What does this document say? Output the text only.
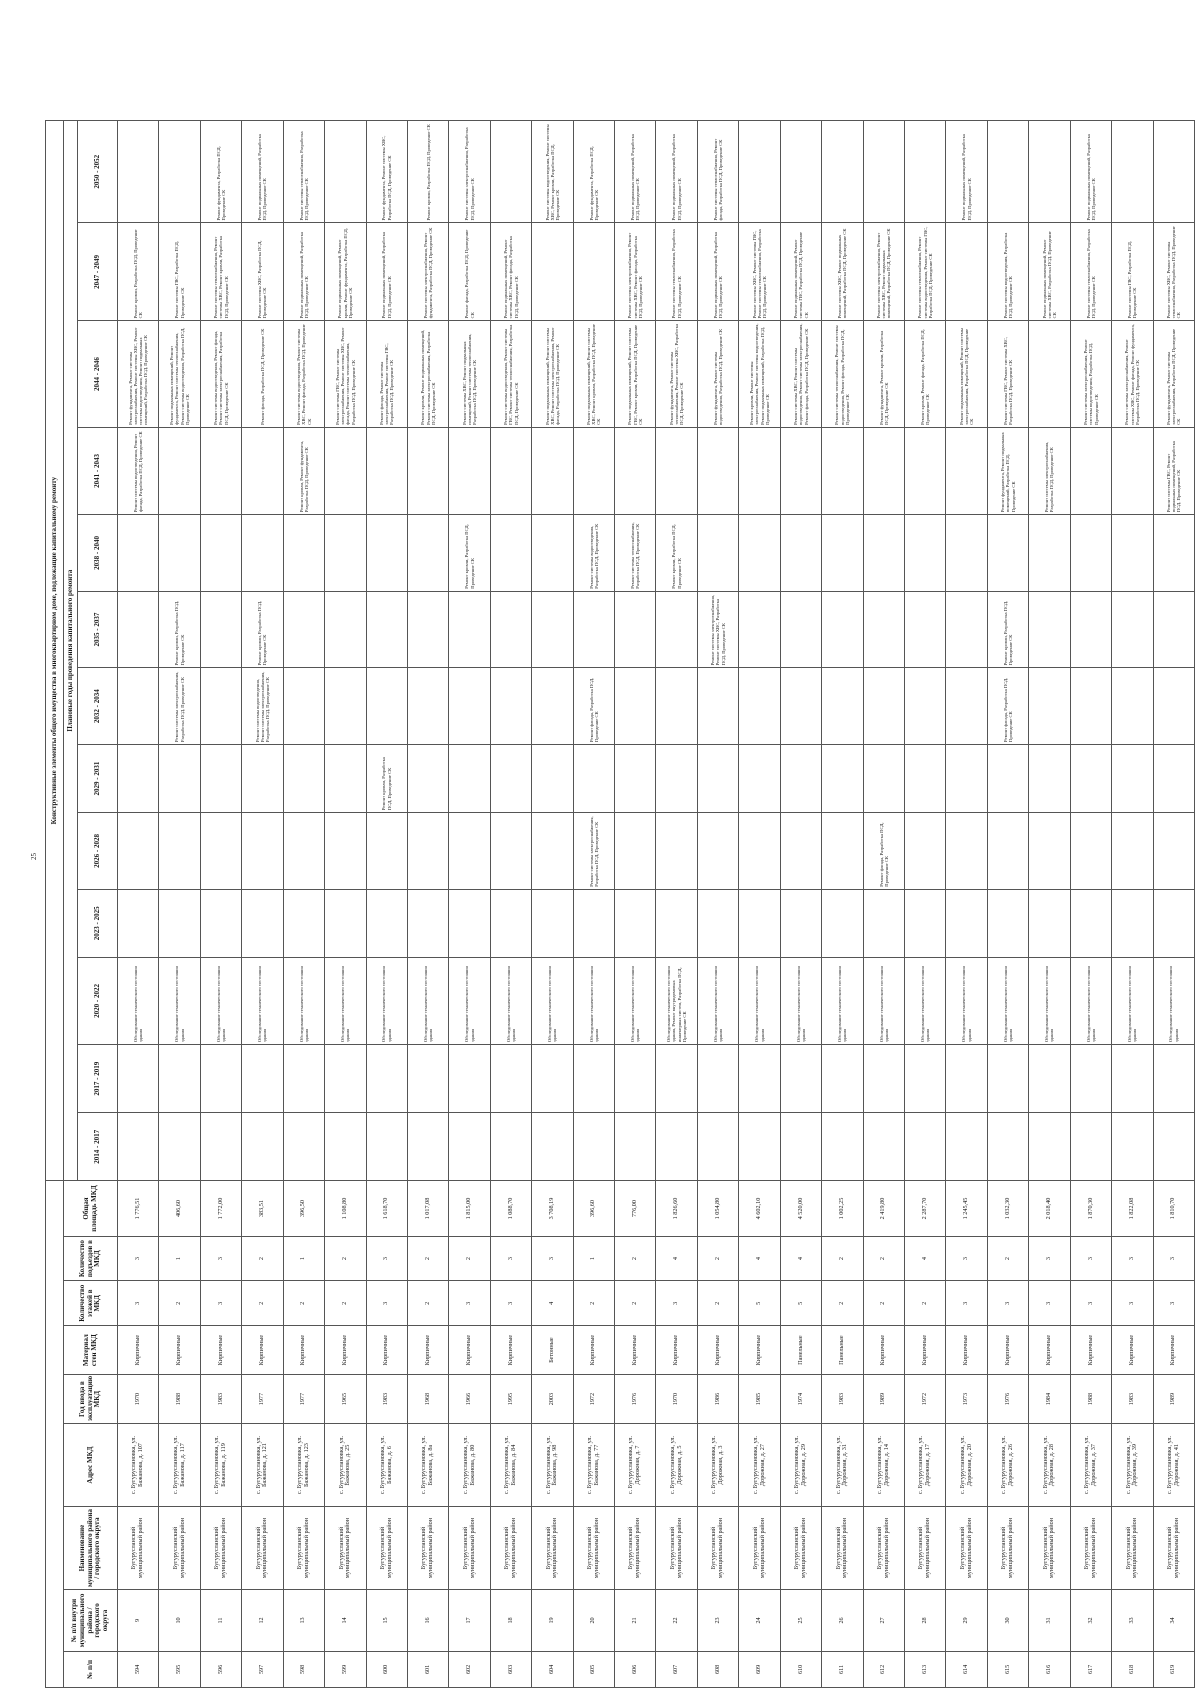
25
									Конструктивные элементы общего имущества в многоквартирном доме, подлежащие капитальному ремонту												
№ п/п	№ п/п внутри муниципального района / городского округа	Наименование муниципального района / городского округа	Адрес МКД	Год ввода в эксплуатацию МКД	Материал стен МКД	Количество этажей в МКД	Количество подъездов в МКД	Общая площадь МКД	Плановые годы проведения капитального ремонта												
									2014 - 2017	2017 - 2019	2020 - 2022	2023 - 2025	2026 - 2028	2029 - 2031	2032 - 2034	2035 - 2037	2038 - 2040	2041 - 2043	2044 - 2046	2047 - 2049	2050 - 2052
594	9	Бугурусланский муниципальный район	с. Бугуруслановка, ул. Бажанова, д. 107	1970	Кирпичные	3	3	1 776,51			Обследование технического состояния здания							Ремонт системы водоотведения, Ремонт фасада, Разработка ПСД, Проведение СК	Ремонт фундамента, Ремонт системы электроснабжения, Ремонт системы ХВС, Ремонт системы водоотведения, Ремонт подвальных помещений, Разработка ПСД, Проведение СК	Ремонт кровли, Разработка ПСД, Проведение СК	
595	10	Бугурусланский муниципальный район	с. Бугуруслановка, ул. Бажанова, д. 117	1988	Кирпичные	2	1	406,60			Обследование технического состояния здания				Ремонт системы электроснабжения, Разработка ПСД, Проведение СК	Ремонт кровли, Разработка ПСД, Проведение СК			Ремонт подвальных помещений, Ремонт фундамента, Ремонт системы теплоснабжения, Ремонт системы водоотведения, Разработка ПСД, Проведение СК	Ремонт системы ГВС, Разработка ПСД, Проведение СК	
596	11	Бугурусланский муниципальный район	с. Бугуруслановка, ул. Бажанова, д. 119	1983	Кирпичные	3	3	1 772,00			Обследование технического состояния здания								Ремонт системы водоотведения, Ремонт фасада, Ремонт системы электроснабжения, Разработка ПСД, Проведение СК	Ремонт системы теплоснабжения, Ремонт системы ХВС, Ремонт кровли, Разработка ПСД, Проведение СК	Ремонт фундамента, Разработка ПСД, Проведение СК
597	12	Бугурусланский муниципальный район	с. Бугуруслановка, ул. Бажанова, д. 121	1977	Кирпичные	2	2	383,51			Обследование технического состояния здания				Ремонт системы водоотведения, Ремонт системы электроснабжения, Разработка ПСД, Проведение СК	Ремонт кровли, Разработка ПСД, Проведение СК			Ремонт фасада, Разработка ПСД, Проведение СК	Ремонт системы ХВС, Разработка ПСД, Проведение СК	Ремонт подвальных помещений, Разработка ПСД, Проведение СК
598	13	Бугурусланский муниципальный район	с. Бугуруслановка, ул. Бажанова, д. 123	1977	Кирпичные	2	1	396,50			Обследование технического состояния здания							Ремонт кровли, Ремонт фундамента, Разработка ПСД, Проведение СК	Ремонт системы водоотведения, Ремонт системы ХВС, Ремонт фасада, Разработка ПСД, Проведение СК	Ремонт подвальных помещений, Разработка ПСД, Проведение СК	Ремонт системы теплоснабжения, Разработка ПСД, Проведение СК
599	14	Бугурусланский муниципальный район	с. Бугуруслановка, ул. Бажанова, д. 25	1965	Кирпичные	2	2	1 108,80			Обследование технического состояния здания								Ремонт системы ГВС, Ремонт системы электроснабжения, Ремонт системы ХВС, Ремонт фасада, Ремонт системы теплоснабжения, Разработка ПСД, Проведение СК	Ремонт подвальных помещений, Ремонт кровли, Ремонт фундамента, Разработка ПСД, Проведение СК	
600	15	Бугурусланский муниципальный район	с. Бугуруслановка, ул. Бажанова, д. 6	1983	Кирпичные	3	3	1 618,70			Обследование технического состояния здания			Ремонт кровли, Разработка ПСД, Проведение СК					Ремонт фасада, Ремонт системы электроснабжения, Ремонт системы ГВС, Разработка ПСД, Проведение СК	Ремонт подвальных помещений, Разработка ПСД, Проведение СК	Ремонт фундамента, Ремонт системы ХВС, Разработка ПСД, Проведение СК
601	16	Бугурусланский муниципальный район	с. Бугуруслановка, ул. Бажанова, д. 8а	1968	Кирпичные	2	2	1 017,08			Обследование технического состояния здания								Ремонт кровли, Ремонт подвальных помещений, Ремонт системы электроснабжения, Разработка ПСД, Проведение СК	Ремонт системы электроснабжения, Ремонт фундамента, Разработка ПСД, Проведение СК	Ремонт кровли, Разработка ПСД, Проведение СК
602	17	Бугурусланский муниципальный район	с. Бугуруслановка, ул. Бажанова, д. 80	1966	Кирпичные	3	2	1 815,00			Обследование технического состояния здания						Ремонт кровли, Разработка ПСД, Проведение СК		Ремонт системы ХВС, Ремонт подвальных помещений, Ремонт системы теплоснабжения, Разработка ПСД, Проведение СК	Ремонт фасада, Разработка ПСД, Проведение СК	Ремонт системы электроснабжения, Разработка ПСД, Проведение СК
603	18	Бугурусланский муниципальный район	с. Бугуруслановка, ул. Бажанова, д. 84	1995	Кирпичные	3	3	1 088,70			Обследование технического состояния здания								Ремонт системы водоотведения, Ремонт системы ГВС, Ремонт системы теплоснабжения, Разработка ПСД, Проведение СК	Ремонт подвальных помещений, Ремонт системы ХВС, Ремонт фасада, Разработка ПСД, Проведение СК	
604	19	Бугурусланский муниципальный район	с. Бугуруслановка, ул. Бажанова, д. 98	2003	Бетонные	4	3	3 708,19			Обследование технического состояния здания								Ремонт подвальных помещений, Ремонт системы ХВС, Ремонт системы электроснабжения, Ремонт фасада, Разработка ПСД, Проведение СК		Ремонт системы водоотведения, Ремонт системы ХВС, Ремонт кровли, Разработка ПСД, Проведение СК
605	20	Бугурусланский муниципальный район	с. Бугуруслановка, ул. Бажанова, д. 77	1972	Кирпичные	2	1	396,60			Обследование технического состояния здания		Ремонт системы электроснабжения, Разработка ПСД, Проведение СК		Ремонт фасада, Разработка ПСД, Проведение СК		Ремонт системы водоотведения, Разработка ПСД, Проведение СК		Ремонт подвальных помещений, Ремонт системы ХВС, Ремонт кровли, Разработка ПСД, Проведение СК		Ремонт фундамента, Разработка ПСД, Проведение СК
606	21	Бугурусланский муниципальный район	с. Бугуруслановка, ул. Дорожная, д. 7	1976	Кирпичные	2	2	776,00			Обследование технического состояния здания						Ремонт системы теплоснабжения, Разработка ПСД, Проведение СК		Ремонт подвальных помещений, Ремонт системы ГВС, Ремонт кровли, Разработка ПСД, Проведение СК	Ремонт системы электроснабжения, Ремонт системы ХВС, Ремонт фасада, Разработка ПСД, Проведение СК	Ремонт подвальных помещений, Разработка ПСД, Проведение СК
607	22	Бугурусланский муниципальный район	с. Бугуруслановка, ул. Дорожная, д. 5	1970	Кирпичные	3	4	1 826,60			Обследование технического состояния здания, Ремонт внутридомовых инженерных систем, Разработка ПСД, Проведение СК						Ремонт кровли, Разработка ПСД, Проведение СК		Ремонт фундамента, Ремонт системы теплоснабжения, Ремонт системы ХВС, Разработка ПСД, Проведение СК	Ремонт системы теплоснабжения, Разработка ПСД, Проведение СК	Ремонт подвальных помещений, Разработка ПСД, Проведение СК
608	23	Бугурусланский муниципальный район	с. Бугуруслановка, ул. Дорожная, д. 3	1986	Кирпичные	2	2	1 054,80			Обследование технического состояния здания					Ремонт системы электроснабжения, Ремонт системы ХВС, Разработка ПСД, Проведение СК			Ремонт фундамента, Ремонт системы водоотведения, Разработка ПСД, Проведение СК	Ремонт подвальных помещений, Разработка ПСД, Проведение СК	Ремонт системы теплоснабжения, Ремонт фасада, Разработка ПСД, Проведение СК
609	24	Бугурусланский муниципальный район	с. Бугуруслановка, ул. Дорожная, д. 27	1985	Кирпичные	5	4	4 602,10			Обследование технического состояния здания								Ремонт кровли, Ремонт системы электроснабжения, Ремонт системы водоотведения, Ремонт подвальных помещений, Разработка ПСД, Проведение СК	Ремонт системы ХВС, Ремонт системы ГВС, Ремонт системы теплоснабжения, Разработка ПСД, Проведение СК	
610	25	Бугурусланский муниципальный район	с. Бугуруслановка, ул. Дорожная, д. 29	1974	Панельные	5	4	4 520,00			Обследование технического состояния здания								Ремонт системы ХВС, Ремонт системы водоотведения, Ремонт системы электроснабжения, Ремонт фасада, Разработка ПСД, Проведение СК	Ремонт подвальных помещений, Ремонт системы ГВС, Разработка ПСД, Проведение СК	
611	26	Бугурусланский муниципальный район	с. Бугуруслановка, ул. Дорожная, д. 31	1983	Панельные	2	2	1 002,25			Обследование технического состояния здания								Ремонт системы теплоснабжения, Ремонт системы водоотведения, Ремонт фасада, Разработка ПСД, Проведение СК	Ремонт системы ХВС, Ремонт подвальных помещений, Разработка ПСД, Проведение СК	
612	27	Бугурусланский муниципальный район	с. Бугуруслановка, ул. Дорожная, д. 14	1989	Кирпичные	2	2	2 419,80			Обследование технического состояния здания		Ремонт фасада, Разработка ПСД, Проведение СК						Ремонт фундамента, Ремонт кровли, Разработка ПСД, Проведение СК	Ремонт системы электроснабжения, Ремонт системы ХВС, Ремонт подвальных помещений, Разработка ПСД, Проведение СК	
613	28	Бугурусланский муниципальный район	с. Бугуруслановка, ул. Дорожная, д. 17	1972	Кирпичные	2	4	2 287,70			Обследование технического состояния здания								Ремонт кровли, Ремонт фасада, Разработка ПСД, Проведение СК	Ремонт системы теплоснабжения, Ремонт системы водоотведения, Ремонт системы ГВС, Разработка ПСД, Проведение СК	
614	29	Бугурусланский муниципальный район	с. Бугуруслановка, ул. Дорожная, д. 20	1973	Кирпичные	3	3	1 245,45			Обследование технического состояния здания								Ремонт подвальных помещений, Ремонт системы электроснабжения, Разработка ПСД, Проведение СК		Ремонт подвальных помещений, Разработка ПСД, Проведение СК
615	30	Бугурусланский муниципальный район	с. Бугуруслановка, ул. Дорожная, д. 26	1976	Кирпичные	3	2	1 032,30			Обследование технического состояния здания				Ремонт фасада, Разработка ПСД, Проведение СК	Ремонт кровли, Разработка ПСД, Проведение СК		Ремонт фундамента, Ремонт подвальных помещений, Разработка ПСД, Проведение СК	Ремонт системы ГВС, Ремонт системы ХВС, Разработка ПСД, Проведение СК	Ремонт системы водоотведения, Разработка ПСД, Проведение СК	
616	31	Бугурусланский муниципальный район	с. Бугуруслановка, ул. Дорожная, д. 28	1984	Кирпичные	3	3	2 018,40			Обследование технического состояния здания							Ремонт системы электроснабжения, Разработка ПСД, Проведение СК		Ремонт подвальных помещений, Ремонт системы ХВС, Разработка ПСД, Проведение СК	
617	32	Бугурусланский муниципальный район	с. Бугуруслановка, ул. Дорожная, д. 37	1988	Кирпичные	3	3	1 870,30			Обследование технического состояния здания								Ремонт системы электроснабжения, Ремонт системы водоотведения, Разработка ПСД, Проведение СК	Ремонт системы теплоснабжения, Разработка ПСД, Проведение СК	Ремонт подвальных помещений, Разработка ПСД, Проведение СК
618	33	Бугурусланский муниципальный район	с. Бугуруслановка, ул. Дорожная, д. 39	1983	Кирпичные	3	3	1 822,08			Обследование технического состояния здания								Ремонт системы электроснабжения, Ремонт системы ХВС, Ремонт фасада, Ремонт фундамента, Разработка ПСД, Проведение СК	Ремонт системы ГВС, Разработка ПСД, Проведение СК	
619	34	Бугурусланский муниципальный район	с. Бугуруслановка, ул. Дорожная, д. 41	1989	Кирпичные	3	3	1 810,70			Обследование технического состояния здания							Ремонт системы ГВС, Ремонт подвальных помещений, Разработка ПСД, Проведение СК	Ремонт фундамента, Ремонт системы электроснабжения, Разработка ПСД, Проведение СК	Ремонт системы ХВС, Ремонт системы теплоснабжения, Разработка ПСД, Проведение СК	
